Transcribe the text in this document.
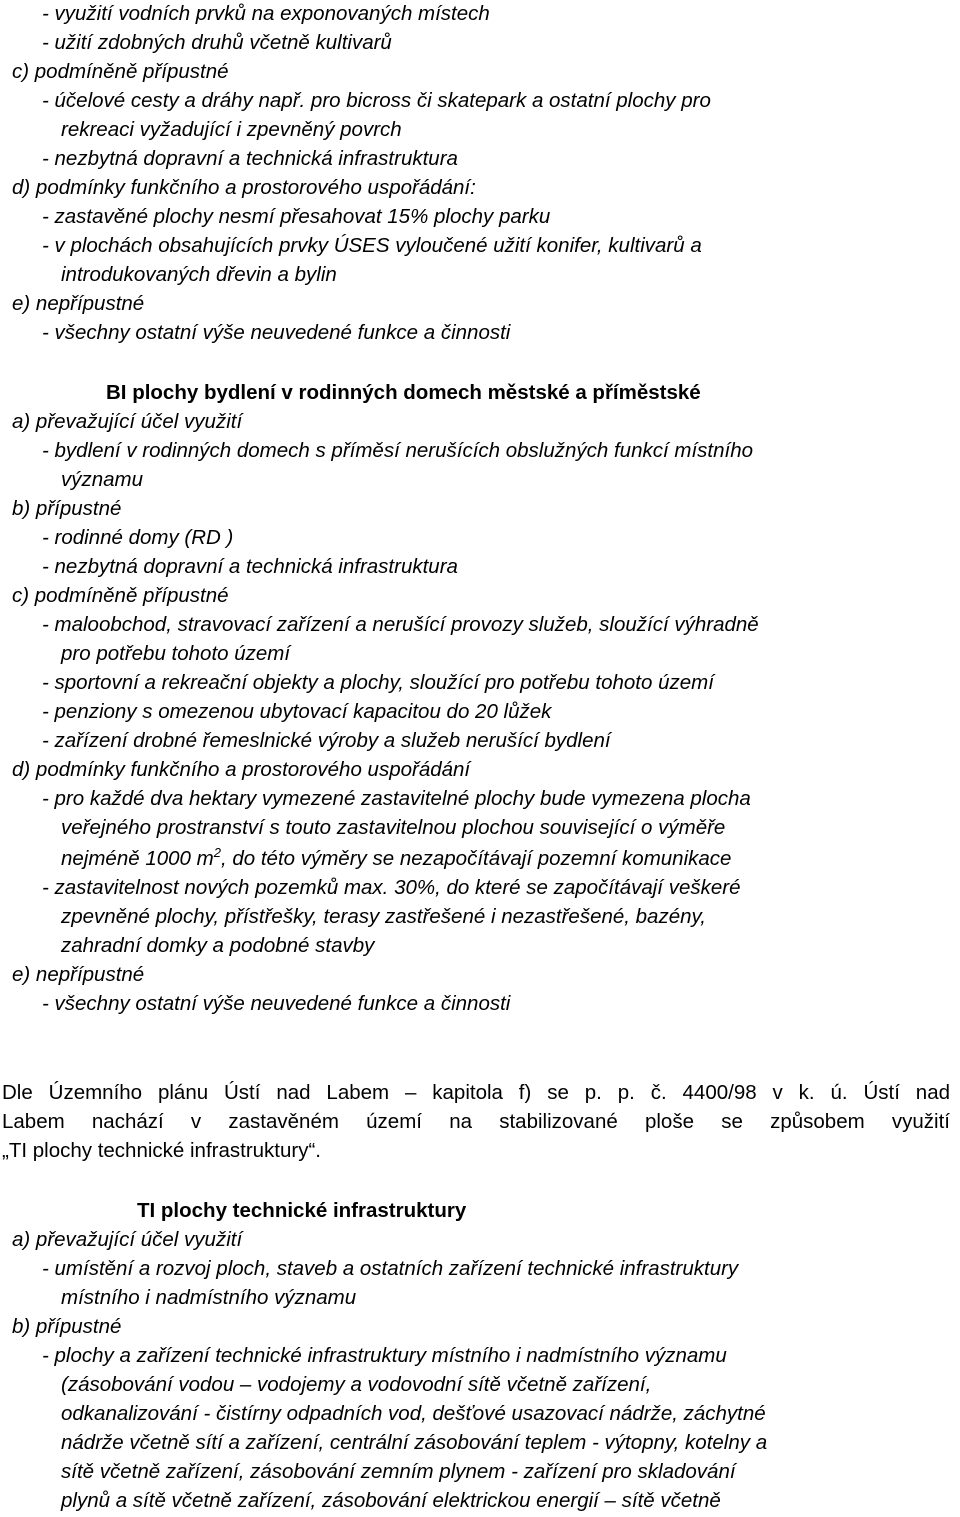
- využití vodních prvků na exponovaných místech
- užití zdobných druhů včetně kultivarů
c) podmíněně přípustné
- účelové cesty a dráhy např. pro bicross či skatepark a ostatní plochy pro
rekreaci vyžadující i zpevněný povrch
- nezbytná dopravní a technická infrastruktura
d) podmínky funkčního a prostorového uspořádání:
- zastavěné plochy nesmí přesahovat 15% plochy parku
- v plochách obsahujících prvky ÚSES vyloučené užití konifer, kultivarů a
introdukovaných dřevin a bylin
e) nepřípustné
- všechny ostatní výše neuvedené funkce a činnosti
BI plochy bydlení v rodinných domech městské a příměstské
a) převažující účel využití
- bydlení v rodinných domech s příměsí nerušících obslužných funkcí místního
významu
b) přípustné
- rodinné domy (RD )
- nezbytná dopravní a technická infrastruktura
c) podmíněně přípustné
- maloobchod, stravovací zařízení a nerušící provozy služeb, sloužící výhradně
pro potřebu tohoto území
- sportovní a rekreační objekty a plochy, sloužící pro potřebu tohoto území
- penziony s omezenou ubytovací kapacitou do 20 lůžek
- zařízení drobné řemeslnické výroby a služeb nerušící bydlení
d) podmínky funkčního a prostorového uspořádání
- pro každé dva hektary vymezené zastavitelné plochy bude vymezena plocha
veřejného prostranství s touto zastavitelnou plochou související o výměře
nejméně 1000 $m^2$, do této výměry se nezapočítávají pozemní komunikace
- zastavitelnost nových pozemků max. 30%, do které se započítávají veškeré
zpevněné plochy, přístřešky, terasy zastřešené i nezastřešené, bazény,
zahradní domky a podobné stavby
e) nepřípustné
- všechny ostatní výše neuvedené funkce a činnosti
Dle Územního plánu Ústí nad Labem – kapitola f) se p. p. č. 4400/98 v k. ú. Ústí nad
Labem nachází v zastavěném území na stabilizované ploše se způsobem využití
„TI plochy technické infrastruktury“.
TI plochy technické infrastruktury
a) převažující účel využití
- umístění a rozvoj ploch, staveb a ostatních zařízení technické infrastruktury
místního i nadmístního významu
b) přípustné
- plochy a zařízení technické infrastruktury místního i nadmístního významu
(zásobování vodou – vodojemy a vodovodní sítě včetně zařízení,
odkanalizování - čistírny odpadních vod, dešťové usazovací nádrže, záchytné
nádrže včetně sítí a zařízení, centrální zásobování teplem - výtopny, kotelny a
sítě včetně zařízení, zásobování zemním plynem - zařízení pro skladování
plynů a sítě včetně zařízení, zásobování elektrickou energií – sítě včetně
